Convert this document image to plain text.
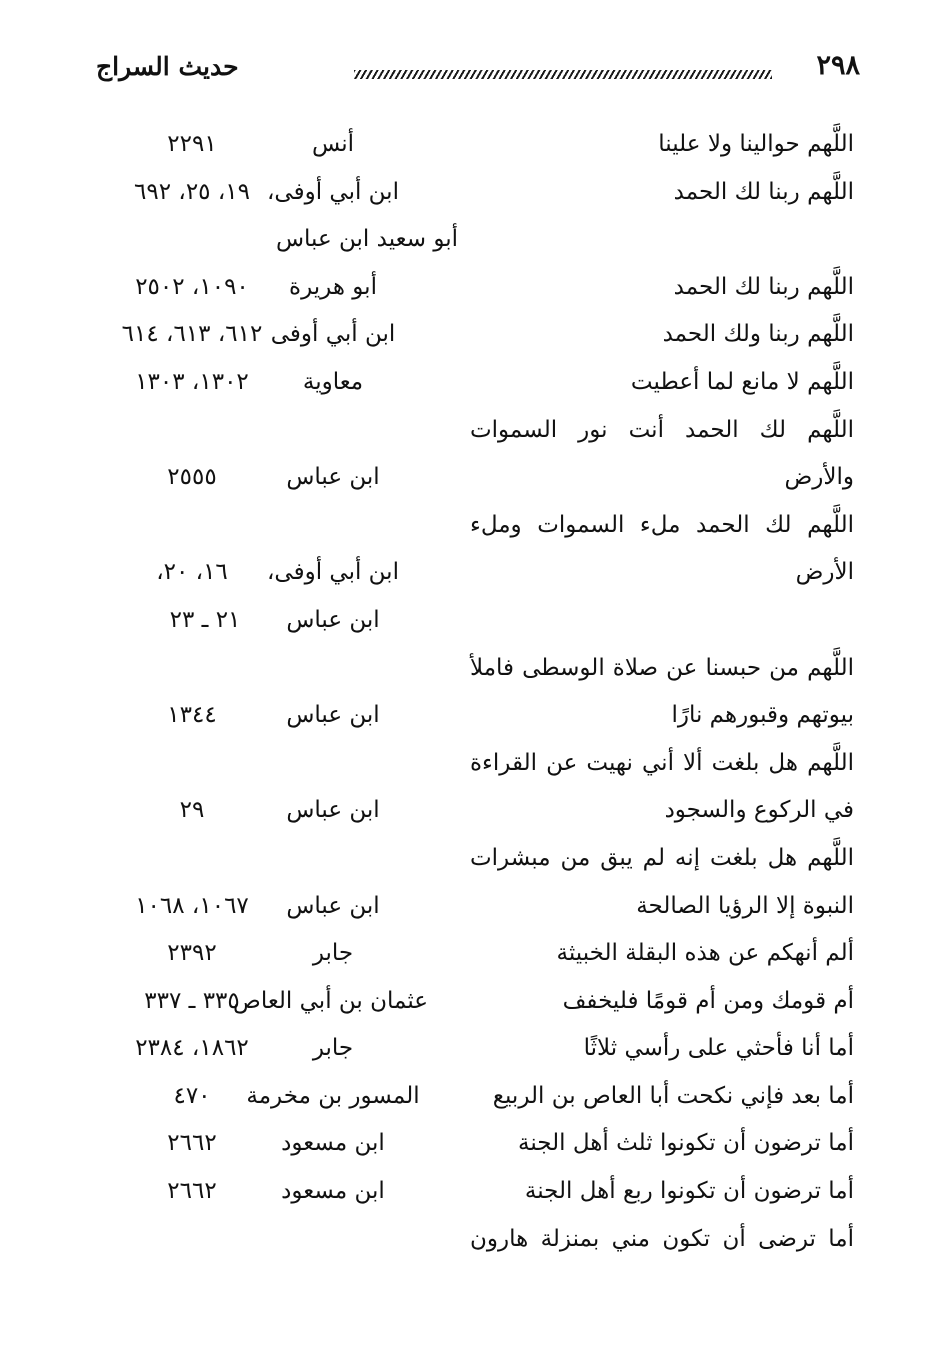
حديث السراج	٢٩٨
اللَّهم حوالينا ولا علينا
أنس
٢٢٩١
اللَّهم ربنا لك الحمد
ابن أبي أوفى،
١٩، ٢٥، ٦٩٢
أبو سعيد ابن عباس
اللَّهم ربنا لك الحمد
أبو هريرة
١٠٩٠، ٢٥٠٢
اللَّهم ربنا ولك الحمد
ابن أبي أوفى
٦١٢، ٦١٣، ٦١٤
اللَّهم لا مانع لما أعطيت
معاوية
١٣٠٢، ١٣٠٣
اللَّهم لك الحمد أنت نور السموات
والأرض
ابن عباس
٢٥٥٥
اللَّهم لك الحمد ملء السموات وملء
الأرض
ابن أبي أوفى،
١٦، ٢٠،
ابن عباس
٢١ ـ ٢٣
اللَّهم من حبسنا عن صلاة الوسطى فاملأ
بيوتهم وقبورهم نارًا
ابن عباس
١٣٤٤
اللَّهم هل بلغت ألا أني نهيت عن القراءة
في الركوع والسجود
ابن عباس
٢٩
اللَّهم هل بلغت إنه لم يبق من مبشرات
النبوة إلا الرؤيا الصالحة
ابن عباس
١٠٦٧، ١٠٦٨
ألم أنهكم عن هذه البقلة الخبيثة
جابر
٢٣٩٢
أم قومك ومن أم قومًا فليخفف
عثمان بن أبي العاص
٣٣٥ ـ ٣٣٧
أما أنا فأحثي على رأسي ثلاثًا
جابر
١٨٦٢، ٢٣٨٤
أما بعد فإني نكحت أبا العاص بن الربيع
المسور بن مخرمة
٤٧٠
أما ترضون أن تكونوا ثلث أهل الجنة
ابن مسعود
٢٦٦٢
أما ترضون أن تكونوا ربع أهل الجنة
ابن مسعود
٢٦٦٢
أما ترضى أن تكون مني بمنزلة هارون
